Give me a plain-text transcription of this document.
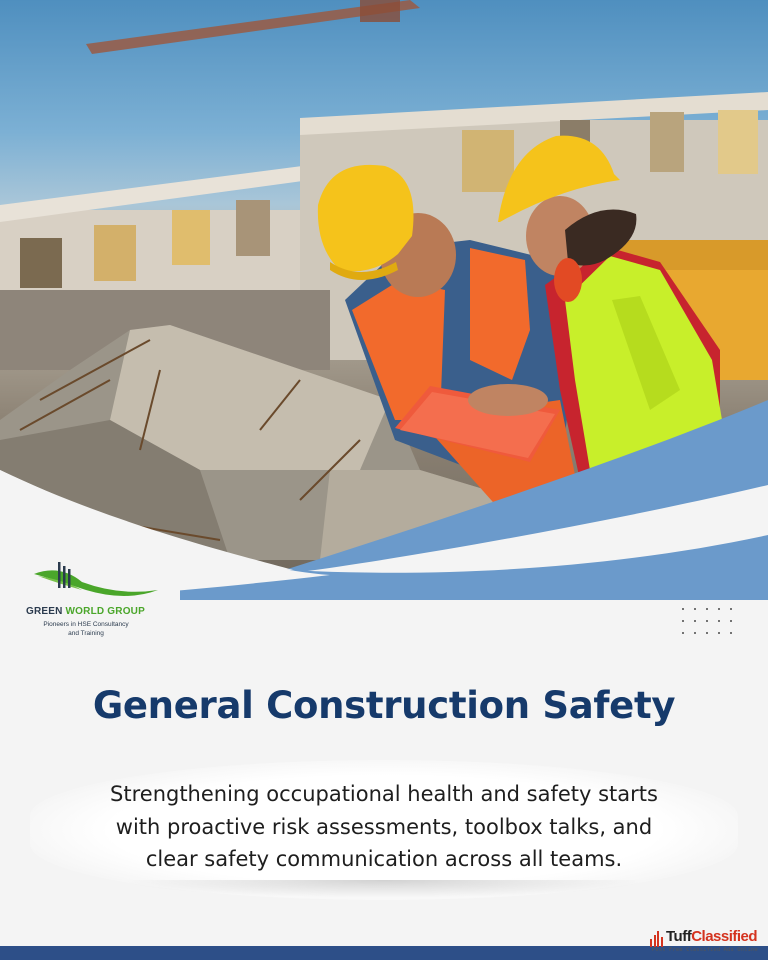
GREEN WORLD GROUP
Pioneers in HSE Consultancy
and Training
General Construction Safety
Strengthening occupational health and safety starts
with proactive risk assessments, toolbox talks, and
clear safety communication across all teams.
TuffClassified
Post Free Classified Ads Online
